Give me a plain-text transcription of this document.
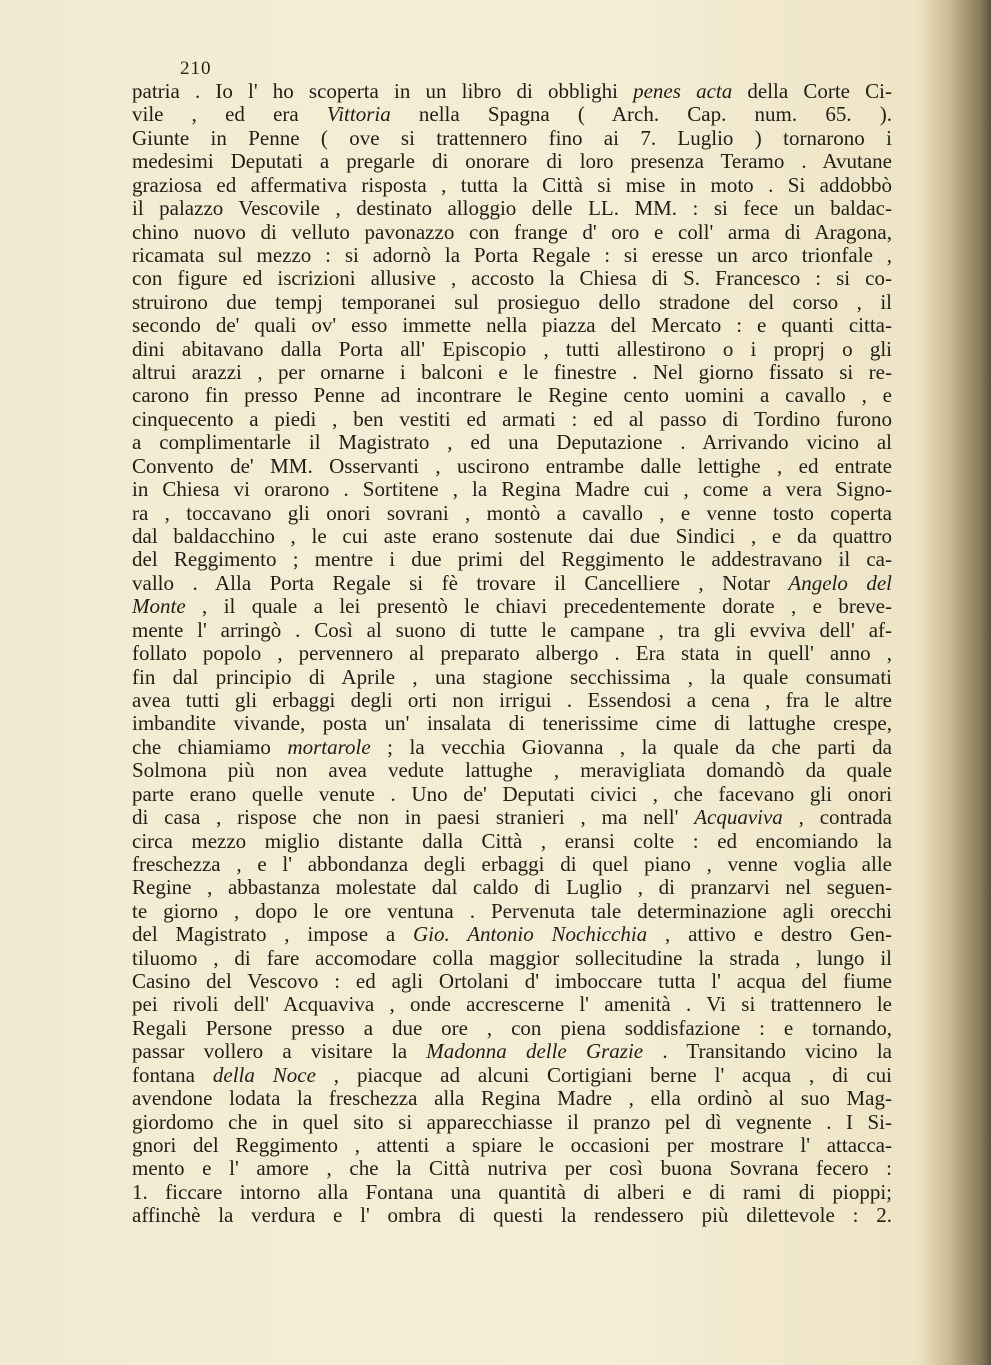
210

patria . Io l' ho scoperta in un libro di obblighi penes acta della Corte Ci-
vile , ed era Vittoria nella Spagna ( Arch. Cap. num. 65. ).
Giunte in Penne ( ove si trattennero fino ai 7. Luglio ) tornarono i
medesimi Deputati a pregarle di onorare di loro presenza Teramo . Avutane
graziosa ed affermativa risposta , tutta la Città si mise in moto . Si addobbò
il palazzo Vescovile , destinato alloggio delle LL. MM. : si fece un baldac-
chino nuovo di velluto pavonazzo con frange d' oro e coll' arma di Aragona,
ricamata sul mezzo : si adornò la Porta Regale : si eresse un arco trionfale ,
con figure ed iscrizioni allusive , accosto la Chiesa di S. Francesco : si co-
struirono due tempj temporanei sul prosieguo dello stradone del corso , il
secondo de' quali ov' esso immette nella piazza del Mercato : e quanti citta-
dini abitavano dalla Porta all' Episcopio , tutti allestirono o i proprj o gli
altrui arazzi , per ornarne i balconi e le finestre . Nel giorno fissato si re-
carono fin presso Penne ad incontrare le Regine cento uomini a cavallo , e
cinquecento a piedi , ben vestiti ed armati : ed al passo di Tordino furono
a complimentarle il Magistrato , ed una Deputazione . Arrivando vicino al
Convento de' MM. Osservanti , uscirono entrambe dalle lettighe , ed entrate
in Chiesa vi orarono . Sortitene , la Regina Madre cui , come a vera Signo-
ra , toccavano gli onori sovrani , montò a cavallo , e venne tosto coperta
dal baldacchino , le cui aste erano sostenute dai due Sindici , e da quattro
del Reggimento ; mentre i due primi del Reggimento le addestravano il ca-
vallo . Alla Porta Regale si fè trovare il Cancelliere , Notar Angelo del
Monte , il quale a lei presentò le chiavi precedentemente dorate , e breve-
mente l' arringò . Così al suono di tutte le campane , tra gli evviva dell' af-
follato popolo , pervennero al preparato albergo . Era stata in quell' anno ,
fin dal principio di Aprile , una stagione secchissima , la quale consumati
avea tutti gli erbaggi degli orti non irrigui . Essendosi a cena , fra le altre
imbandite vivande, posta un' insalata di tenerissime cime di lattughe crespe,
che chiamiamo mortarole ; la vecchia Giovanna , la quale da che parti da
Solmona più non avea vedute lattughe , meravigliata domandò da quale
parte erano quelle venute . Uno de' Deputati civici , che facevano gli onori
di casa , rispose che non in paesi stranieri , ma nell' Acquaviva , contrada
circa mezzo miglio distante dalla Città , eransi colte : ed encomiando la
freschezza , e l' abbondanza degli erbaggi di quel piano , venne voglia alle
Regine , abbastanza molestate dal caldo di Luglio , di pranzarvi nel seguen-
te giorno , dopo le ore ventuna . Pervenuta tale determinazione agli orecchi
del Magistrato , impose a Gio. Antonio Nochicchia , attivo e destro Gen-
tiluomo , di fare accomodare colla maggior sollecitudine la strada , lungo il
Casino del Vescovo : ed agli Ortolani d' imboccare tutta l' acqua del fiume
pei rivoli dell' Acquaviva , onde accrescerne l' amenità . Vi si trattennero le
Regali Persone presso a due ore , con piena soddisfazione : e tornando,
passar vollero a visitare la Madonna delle Grazie . Transitando vicino la
fontana della Noce , piacque ad alcuni Cortigiani berne l' acqua , di cui
avendone lodata la freschezza alla Regina Madre , ella ordinò al suo Mag-
giordomo che in quel sito si apparecchiasse il pranzo pel dì vegnente . I Si-
gnori del Reggimento , attenti a spiare le occasioni per mostrare l' attacca-
mento e l' amore , che la Città nutriva per così buona Sovrana fecero :
1. ficcare intorno alla Fontana una quantità di alberi e di rami di pioppi;
affinchè la verdura e l' ombra di questi la rendessero più dilettevole : 2.
